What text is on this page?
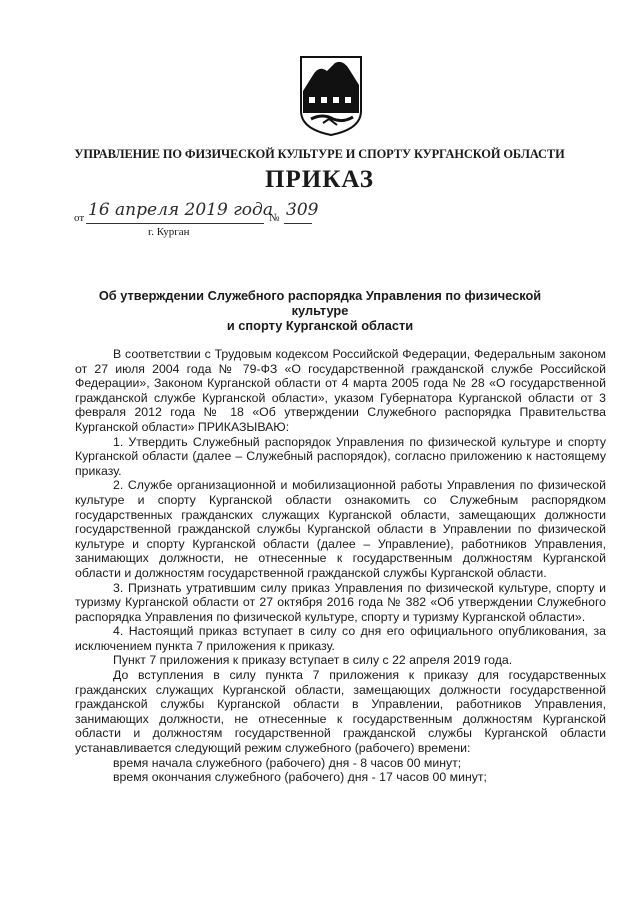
УПРАВЛЕНИЕ ПО ФИЗИЧЕСКОЙ КУЛЬТУРЕ И СПОРТУ КУРГАНСКОЙ ОБЛАСТИ
ПРИКАЗ
от 16 апреля 2019 года
№ 309
г. Курган
Об утверждении Служебного распорядка Управления по физической культуре
и спорту Курганской области

В соответствии с Трудовым кодексом Российской Федерации, Федеральным законом от 27 июля 2004 года № 79-ФЗ «О государственной гражданской службе Российской Федерации», Законом Курганской области от 4 марта 2005 года № 28 «О государственной гражданской службе Курганской области», указом Губернатора Курганской области от 3 февраля 2012 года № 18 «Об утверждении Служебного распорядка Правительства Курганской области» ПРИКАЗЫВАЮ:

1. Утвердить Служебный распорядок Управления по физической культуре и спорту Курганской области (далее – Служебный распорядок), согласно приложению к настоящему приказу.

2. Службе организационной и мобилизационной работы Управления по физической культуре и спорту Курганской области ознакомить со Служебным распорядком государственных гражданских служащих Курганской области, замещающих должности государственной гражданской службы Курганской области в Управлении по физической культуре и спорту Курганской области (далее – Управление), работников Управления, занимающих должности, не отнесенные к государственным должностям Курганской области и должностям государственной гражданской службы Курганской области.

3. Признать утратившим силу приказ Управления по физической культуре, спорту и туризму Курганской области от 27 октября 2016 года № 382 «Об утверждении Служебного распорядка Управления по физической культуре, спорту и туризму Курганской области».

4. Настоящий приказ вступает в силу со дня его официального опубликования, за исключением пункта 7 приложения к приказу.

Пункт 7 приложения к приказу вступает в силу с 22 апреля 2019 года.

До вступления в силу пункта 7 приложения к приказу для государственных гражданских служащих Курганской области, замещающих должности государственной гражданской службы Курганской области в Управлении, работников Управления, занимающих должности, не отнесенные к государственным должностям Курганской области и должностям государственной гражданской службы Курганской области устанавливается следующий режим служебного (рабочего) времени:

время начала служебного (рабочего) дня - 8 часов 00 минут;

время окончания служебного (рабочего) дня - 17 часов 00 минут;
